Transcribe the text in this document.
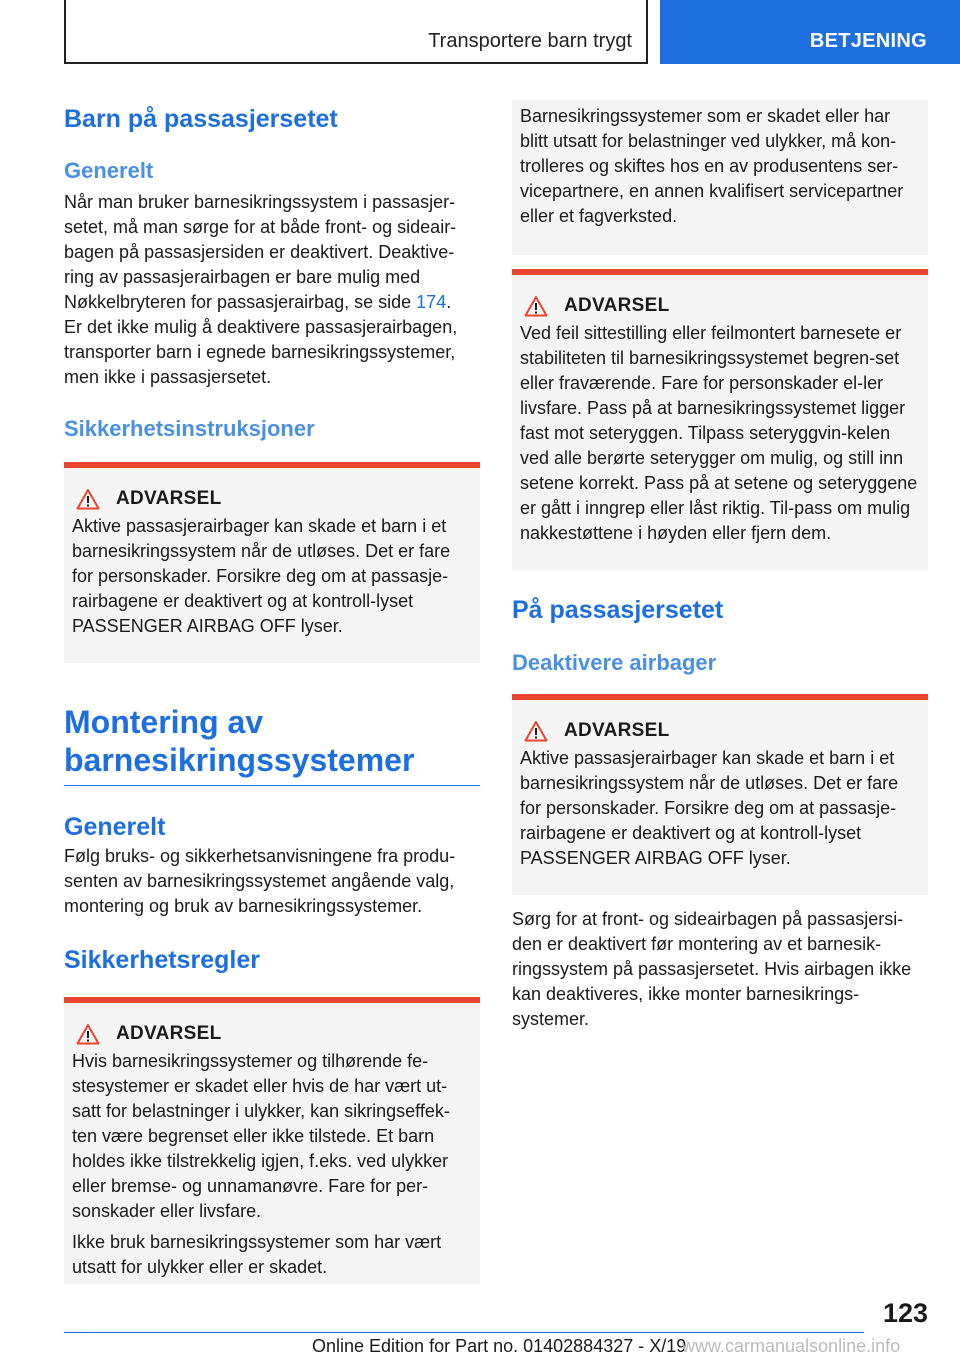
Transportere barn trygt	BETJENING
Barn på passasjersetet
Generelt

Når man bruker barnesikringssystem i passasjer-setet, må man sørge for at både front- og sideair-bagen på passasjersiden er deaktivert. Deaktive-ring av passasjerairbagen er bare mulig med Nøkkelbryteren for passasjerairbag, se side 174.

Er det ikke mulig å deaktivere passasjerairbagen, transporter barn i egnede barnesikringssystemer, men ikke i passasjersetet.

Sikkerhetsinstruksjoner
ADVARSEL

Aktive passasjerairbager kan skade et barn i et barnesikringssystem når de utløses. Det er fare for personskader. Forsikre deg om at passasje-rairbagene er deaktivert og at kontroll-lyset PASSENGER AIRBAG OFF lyser.

Montering av barnesikringssystemer
Generelt

Følg bruks- og sikkerhetsanvisningene fra produ-senten av barnesikringssystemet angående valg, montering og bruk av barnesikringssystemer.

Sikkerhetsregler
ADVARSEL

Hvis barnesikringssystemer og tilhørende fe-stesystemer er skadet eller hvis de har vært ut-satt for belastninger i ulykker, kan sikringseffek-ten være begrenset eller ikke tilstede. Et barn holdes ikke tilstrekkelig igjen, f.eks. ved ulykker eller bremse- og unnamanøvre. Fare for per-sonskader eller livsfare.

Ikke bruk barnesikringssystemer som har vært utsatt for ulykker eller er skadet.

Barnesikringssystemer som er skadet eller har blitt utsatt for belastninger ved ulykker, må kon-trolleres og skiftes hos en av produsentens ser-vicepartnere, en annen kvalifisert servicepartner eller et fagverksted.

ADVARSEL

Ved feil sittestilling eller feilmontert barnesete er stabiliteten til barnesikringssystemet begren-set eller fraværende. Fare for personskader el-ler livsfare. Pass på at barnesikringssystemet ligger fast mot seteryggen. Tilpass seteryggvin-kelen ved alle berørte seterygger om mulig, og still inn setene korrekt. Pass på at setene og seteryggene er gått i inngrep eller låst riktig. Til-pass om mulig nakkestøttene i høyden eller fjern dem.

På passasjersetet
Deaktivere airbager
ADVARSEL

Aktive passasjerairbager kan skade et barn i et barnesikringssystem når de utløses. Det er fare for personskader. Forsikre deg om at passasje-rairbagene er deaktivert og at kontroll-lyset PASSENGER AIRBAG OFF lyser.

Sørg for at front- og sideairbagen på passasjersi-den er deaktivert før montering av et barnesik-ringssystem på passasjersetet. Hvis airbagen ikke kan deaktiveres, ikke monter barnesikrings-systemer.

123
Online Edition for Part no. 01402884327 - X/19
www.carmanualsonline.info
